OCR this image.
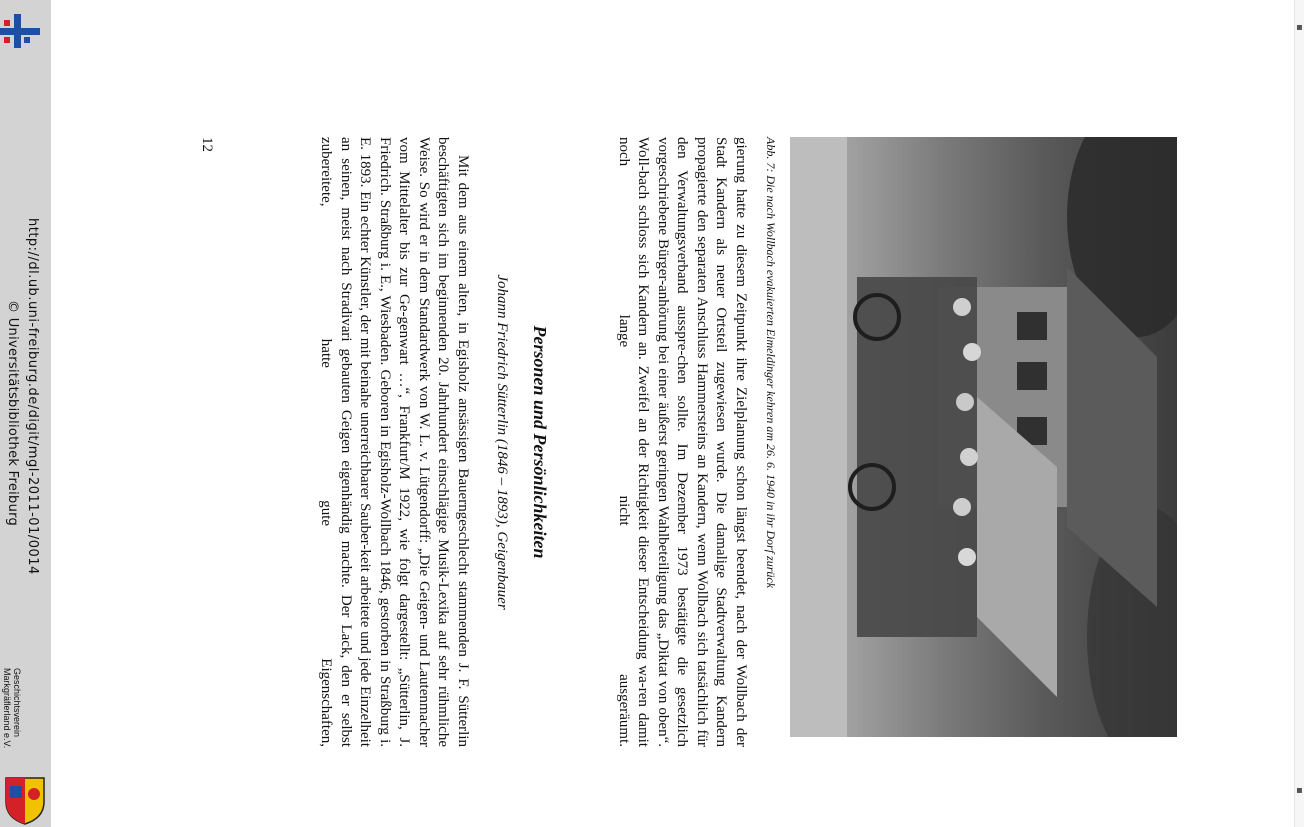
http://dl.ub.uni-freiburg.de/digit/mgl-2011-01/0014
© Universitätsbibliothek Freiburg
Geschichtsverein
Markgräflerland e.V.
▪
▪
Abb. 7: Die nach Wollbach evakuierten Eimeldinger kehren am 26. 6. 1940 in ihr Dorf zurück
gierung hatte zu diesem Zeitpunkt ihre Zielplanung schon längst beendet, nach der Wollbach der Stadt Kandern als neuer Ortsteil zugewiesen wurde. Die damalige Stadtverwaltung Kandern propagierte den separaten Anschluss Hammersteins an Kandern, wenn Wollbach sich tatsächlich für den Verwaltungsverband ausspre-chen sollte. Im Dezember 1973 bestätigte die gesetzlich vorgeschriebene Bürger-anhörung bei einer äußerst geringen Wahlbeteiligung das „Diktat von oben“. Woll-bach schloss sich Kandern an. Zweifel an der Richtigkeit dieser Entscheidung wa-ren damit noch lange nicht ausgeräumt.
Personen und Persönlichkeiten
Johann Friedrich Sütterlin (1846 – 1893), Geigenbauer
Mit dem aus einem alten, in Egisholz ansässigen Bauerngeschlecht stammenden J. F. Sütterlin beschäftigten sich im beginnenden 20. Jahrhundert einschlägige Musik-Lexika auf sehr rühmliche Weise. So wird er in dem Standardwerk von W. L. v. Lütgendorff: „Die Geigen- und Lautenmacher vom Mittelalter bis zur Ge-genwart …“, Frankfurt/M 1922, wie folgt dargestellt: „Sütterlin, J. Friedrich. Straßburg i. E., Wiesbaden. Geboren in Egisholz-Wollbach 1846, gestorben in Straßburg i. E. 1893. Ein echter Künstler, der mit beinahe unerreichbarer Sauber-keit arbeitete und jede Einzelheit an seinen, meist nach Stradivari gebauten Geigen eigenhändig machte. Der Lack, den er selbst zubereitete, hatte gute Eigenschaften,
12
